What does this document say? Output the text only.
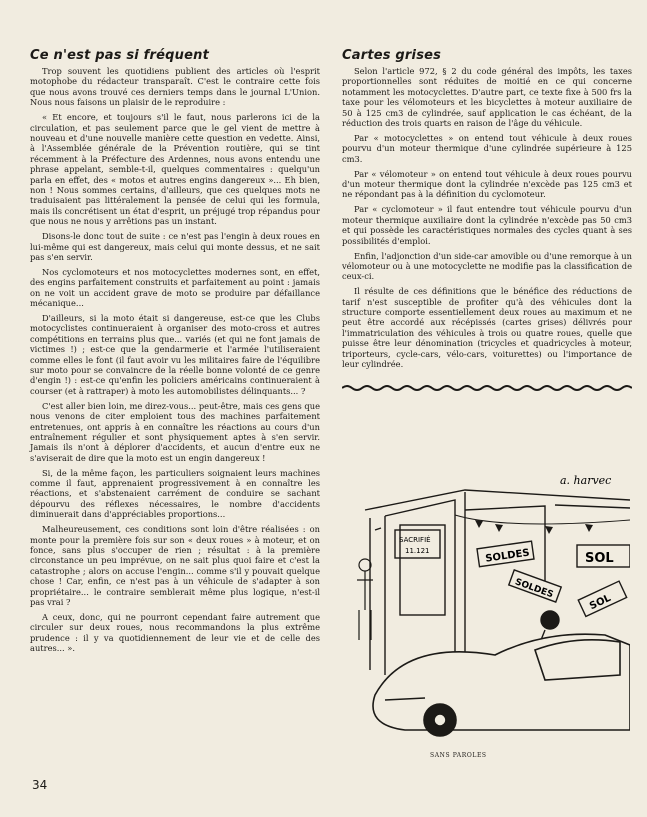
Ce n'est pas si fréquent

Trop souvent les quotidiens publient des articles où l'esprit motophobe du rédacteur transparaît. C'est le contraire cette fois que nous avons trouvé ces derniers temps dans le journal L'Union. Nous nous faisons un plaisir de le reproduire :

« Et encore, et toujours s'il le faut, nous parlerons ici de la circulation, et pas seulement parce que le gel vient de mettre à nouveau et d'une nouvelle manière cette question en vedette. Ainsi, à l'Assemblée générale de la Prévention routière, qui se tint récemment à la Préfecture des Ardennes, nous avons entendu une phrase appelant, semble-t-il, quelques commentaires : quelqu'un parla en effet, des « motos et autres engins dangereux »... Eh bien, non ! Nous sommes certains, d'ailleurs, que ces quelques mots ne traduisaient pas littéralement la pensée de celui qui les formula, mais ils concrétisent un état d'esprit, un préjugé trop répandus pour que nous ne nous y arrêtions pas un instant.

Disons-le donc tout de suite : ce n'est pas l'engin à deux roues en lui-même qui est dangereux, mais celui qui monte dessus, et ne sait pas s'en servir.

Nos cyclomoteurs et nos motocyclettes modernes sont, en effet, des engins parfaitement construits et parfaitement au point : jamais on ne voit un accident grave de moto se produire par défaillance mécanique...

D'ailleurs, si la moto était si dangereuse, est-ce que les Clubs motocyclistes continueraient à organiser des moto-cross et autres compétitions en terrains plus que... variés (et qui ne font jamais de victimes !) ; est-ce que la gendarmerie et l'armée l'utiliseraient comme elles le font (il faut avoir vu les militaires faire de l'équilibre sur moto pour se convaincre de la réelle bonne volonté de ce genre d'engin !) : est-ce qu'enfin les policiers américains continueraient à courser (et à rattraper) à moto les automobilistes délinquants... ?

C'est aller bien loin, me direz-vous... peut-être, mais ces gens que nous venons de citer emploient tous des machines parfaitement entretenues, ont appris à en connaître les réactions au cours d'un entraînement régulier et sont physiquement aptes à s'en servir. Jamais ils n'ont à déplorer d'accidents, et aucun d'entre eux ne s'aviserait de dire que la moto est un engin dangereux !

Si, de la même façon, les particuliers soignaient leurs machines comme il faut, apprenaient progressivement à en connaître les réactions, et s'abstenaient carrément de conduire se sachant dépourvu des réflexes nécessaires, le nombre d'accidents diminuerait dans d'appréciables proportions...

Malheureusement, ces conditions sont loin d'être réalisées : on monte pour la première fois sur son « deux roues » à moteur, et on fonce, sans plus s'occuper de rien ; résultat : à la première circonstance un peu imprévue, on ne sait plus quoi faire et c'est la catastrophe ; alors on accuse l'engin... comme s'il y pouvait quelque chose ! Car, enfin, ce n'est pas à un véhicule de s'adapter à son propriétaire... le contraire semblerait même plus logique, n'est-il pas vrai ?

A ceux, donc, qui ne pourront cependant faire autrement que circuler sur deux roues, nous recommandons la plus extrême prudence : il y va quotidiennement de leur vie et de celle des autres... ».

Cartes grises

Selon l'article 972, § 2 du code général des impôts, les taxes proportionnelles sont réduites de moitié en ce qui concerne notamment les motocyclettes. D'autre part, ce texte fixe à 500 frs la taxe pour les vélomoteurs et les bicyclettes à moteur auxiliaire de 50 à 125 cm3 de cylindrée, sauf application le cas échéant, de la réduction des trois quarts en raison de l'âge du véhicule.

Par « motocyclettes » on entend tout véhicule à deux roues pourvu d'un moteur thermique d'une cylindrée supérieure à 125 cm3.

Par « vélomoteur » on entend tout véhicule à deux roues pourvu d'un moteur thermique dont la cylindrée n'excède pas 125 cm3 et ne répondant pas à la définition du cyclomoteur.

Par « cyclomoteur » il faut entendre tout véhicule pourvu d'un moteur thermique auxiliaire dont la cylindrée n'excède pas 50 cm3 et qui possède les caractéristiques normales des cycles quant à ses possibilités d'emploi.

Enfin, l'adjonction d'un side-car amovible ou d'une remorque à un vélomoteur ou à une motocyclette ne modifie pas la classification de ceux-ci.

Il résulte de ces définitions que le bénéfice des réductions de tarif n'est susceptible de profiter qu'à des véhicules dont la structure comporte essentiellement deux roues au maximum et ne peut être accordé aux récépissés (cartes grises) délivrés pour l'immatriculation des véhicules à trois ou quatre roues, quelle que puisse être leur dénomination (tricycles et quadricycles à moteur, triporteurs, cycle-cars, vélo-cars, voiturettes) ou l'importance de leur cylindrée.

SOLDES
SOLDES
SOL
SOL
SACRIFIÉ
11.121
a. harvec
SANS PAROLES
34
